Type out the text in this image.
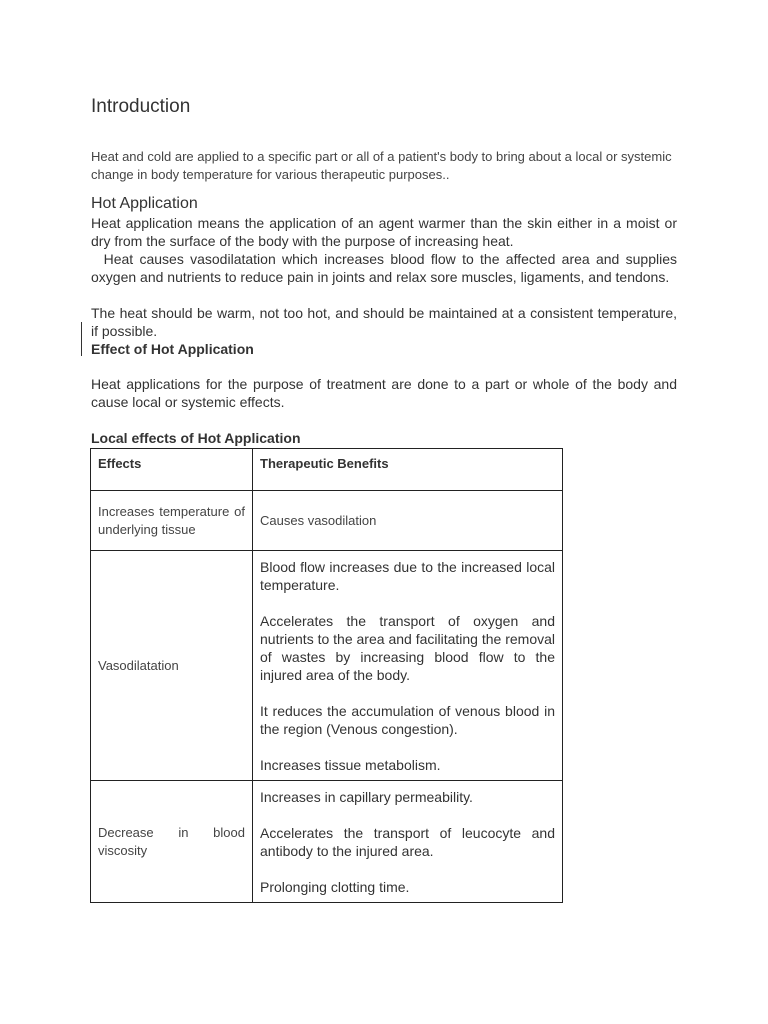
Introduction

Heat and cold are applied to a specific part or all of a patient's body to bring about a local or systemic change in body temperature for various therapeutic purposes..

Hot Application

Heat application means the application of an agent warmer than the skin either in a moist or dry from the surface of the body with the purpose of increasing heat.

Heat causes vasodilatation which increases blood flow to the affected area and supplies oxygen and nutrients to reduce pain in joints and relax sore muscles, ligaments, and tendons.

The heat should be warm, not too hot, and should be maintained at a consistent temperature, if possible.

Effect of Hot Application

Heat applications for the purpose of treatment are done to a part or whole of the body and cause local or systemic effects.

Local effects of Hot Application

Effects	Therapeutic Benefits
Increases temperature of underlying tissue	Causes vasodilation

Vasodilatation	Blood flow increases due to the increased local temperature.

Accelerates the transport of oxygen and nutrients to the area and facilitating the removal of wastes by increasing blood flow to the injured area of the body.

It reduces the accumulation of venous blood in the region (Venous congestion).

Increases tissue metabolism.

Decrease in blood viscosity	Increases in capillary permeability.

Accelerates the transport of leucocyte and antibody to the injured area.

Prolonging clotting time.
